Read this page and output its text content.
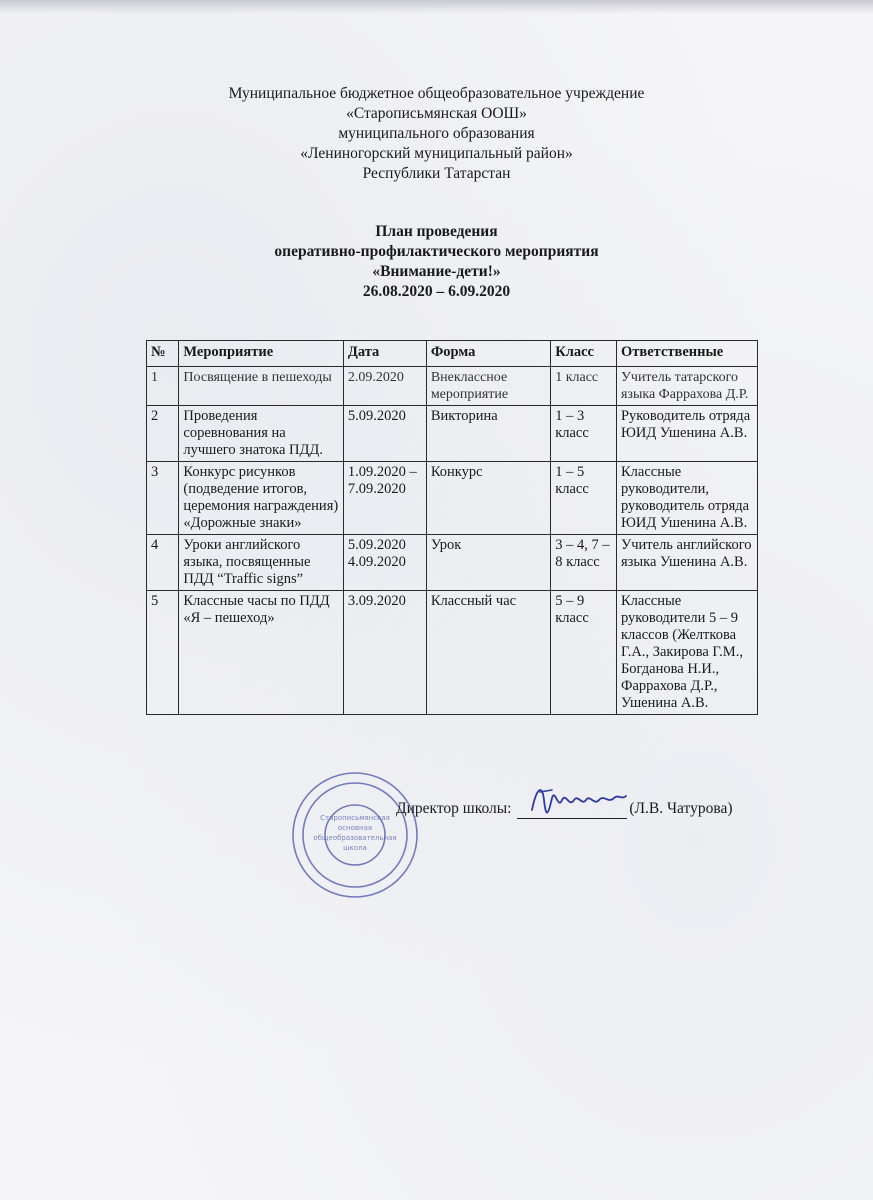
Муниципальное бюджетное общеобразовательное учреждение
«Старописьмянская ООШ»
муниципального образования
«Лениногорский муниципальный район»
Республики Татарстан
План проведения
оперативно-профилактического мероприятия
«Внимание-дети!»
26.08.2020 – 6.09.2020
№	Мероприятие	Дата	Форма	Класс	Ответственные
1	Посвящение в пешеходы	2.09.2020	Внеклассное мероприятие	1 класс	Учитель татарского языка Фаррахова Д.Р.
2	Проведения соревнования на лучшего знатока ПДД.	5.09.2020	Викторина	1 – 3 класс	Руководитель отряда ЮИД Ушенина А.В.
3	Конкурс рисунков (подведение итогов, церемония награждения) «Дорожные знаки»	1.09.2020 – 7.09.2020	Конкурс	1 – 5 класс	Классные руководители, руководитель отряда ЮИД Ушенина А.В.
4	Уроки английского языка, посвященные ПДД “Traffic signs”	5.09.2020 4.09.2020	Урок	3 – 4, 7 – 8 класс	Учитель английского языка Ушенина А.В.
5	Классные часы по ПДД «Я – пешеход»	3.09.2020	Классный час	5 – 9 класс	Классные руководители 5 – 9 классов (Желткова Г.А., Закирова Г.М., Богданова Н.И., Фаррахова Д.Р., Ушенина А.В.
Старописьмянская
основная
общеобразовательная
школа
Директор школы:	(Л.В. Чатурова)
